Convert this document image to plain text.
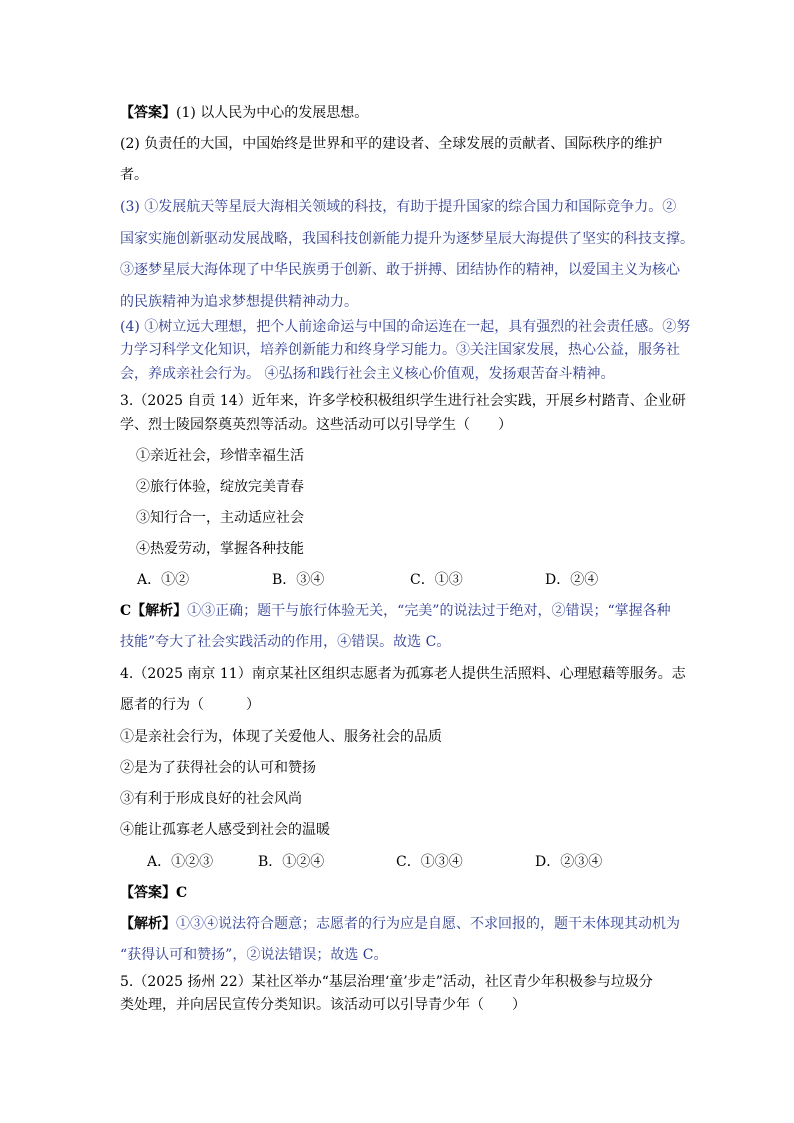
【答案】(1) 以人民为中心的发展思想。
(2) 负责任的大国，中国始终是世界和平的建设者、全球发展的贡献者、国际秩序的维护
者。
(3) ①发展航天等星辰大海相关领域的科技，有助于提升国家的综合国力和国际竞争力。②
国家实施创新驱动发展战略，我国科技创新能力提升为逐梦星辰大海提供了坚实的科技支撑。
③逐梦星辰大海体现了中华民族勇于创新、敢于拼搏、团结协作的精神，以爱国主义为核心
的民族精神为追求梦想提供精神动力。
(4) ①树立远大理想，把个人前途命运与中国的命运连在一起，具有强烈的社会责任感。②努
力学习科学文化知识，培养创新能力和终身学习能力。③关注国家发展，热心公益，服务社
会，养成亲社会行为。 ④弘扬和践行社会主义核心价值观，发扬艰苦奋斗精神。
3.（2025 自贡 14）近年来，许多学校积极组织学生进行社会实践，开展乡村踏青、企业研
学、烈士陵园祭奠英烈等活动。这些活动可以引导学生（　　）
①亲近社会，珍惜幸福生活
②旅行体验，绽放完美青春
③知行合一，主动适应社会
④热爱劳动，掌握各种技能
A．①②	B．③④	C．①③	D．②④
C【解析】①③正确；题干与旅行体验无关，“完美”的说法过于绝对，②错误；“掌握各种
技能”夸大了社会实践活动的作用，④错误。故选 C。
4.（2025 南京 11）南京某社区组织志愿者为孤寡老人提供生活照料、心理慰藉等服务。志
愿者的行为（　　　）
①是亲社会行为，体现了关爱他人、服务社会的品质
②是为了获得社会的认可和赞扬
③有利于形成良好的社会风尚
④能让孤寡老人感受到社会的温暖
A．①②③	B．①②④	C．①③④	D．②③④
【答案】C
【解析】①③④说法符合题意；志愿者的行为应是自愿、不求回报的，题干未体现其动机为
“获得认可和赞扬”，②说法错误；故选 C。
5.（2025 扬州 22）某社区举办“基层治理‘童’步走”活动，社区青少年积极参与垃圾分
类处理，并向居民宣传分类知识。该活动可以引导青少年（　　）
